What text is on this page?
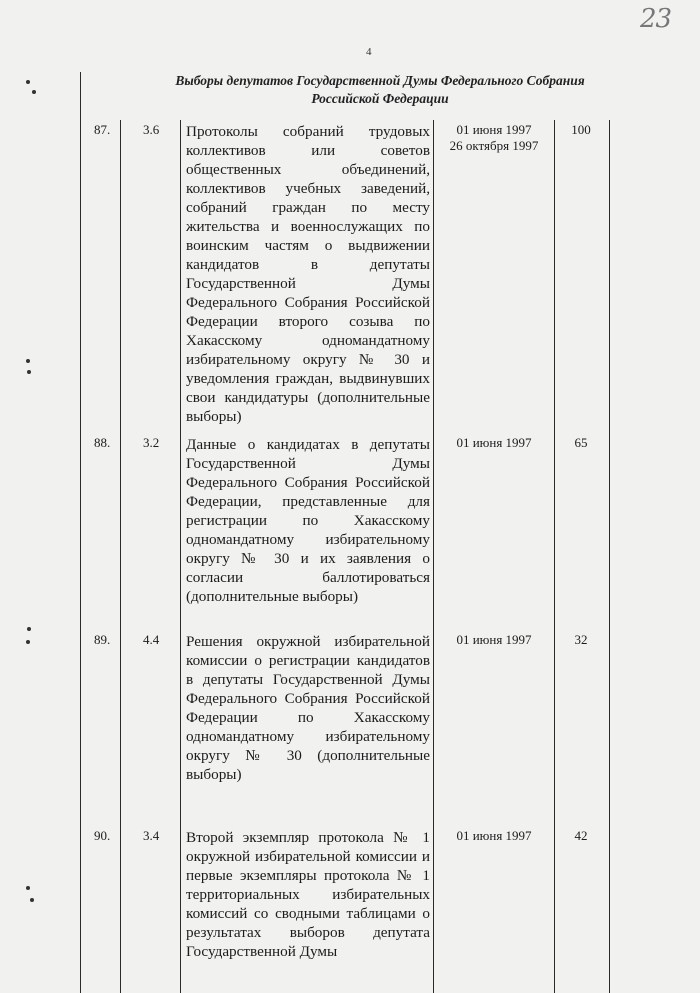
23
4
Выборы депутатов Государственной Думы Федерального Собрания
Российской Федерации
87.	3.6 Протоколы собраний трудовых коллективов или советов общественных объединений, коллективов учебных заведений, собраний граждан по месту жительства и военнослужащих по воинским частям о выдвижении кандидатов в депутаты Государственной Думы Федерального Собрания Российской Федерации второго созыва по Хакасскому одномандатному избирательному округу № 30 и уведомления граждан, выдвинувших свои кандидатуры (дополнительные выборы)
01 июня 1997
26 октября 1997
100
88.	3.2 Данные о кандидатах в депутаты Государственной Думы Федерального Собрания Российской Федерации, представленные для регистрации по Хакасскому одномандатному избирательному округу № 30 и их заявления о согласии баллотироваться (дополнительные выборы)
01 июня 1997	65
89.	4.4 Решения окружной избирательной комиссии о регистрации кандидатов в депутаты Государственной Думы Федерального Собрания Российской Федерации по Хакасскому одномандатному избирательному округу № 30 (дополнительные выборы)
01 июня 1997	32
90.	3.4 Второй экземпляр протокола № 1 окружной избирательной комиссии и первые экземпляры протокола № 1 территориальных избирательных комиссий со сводными таблицами о результатах выборов депутата Государственной Думы
01 июня 1997	42
